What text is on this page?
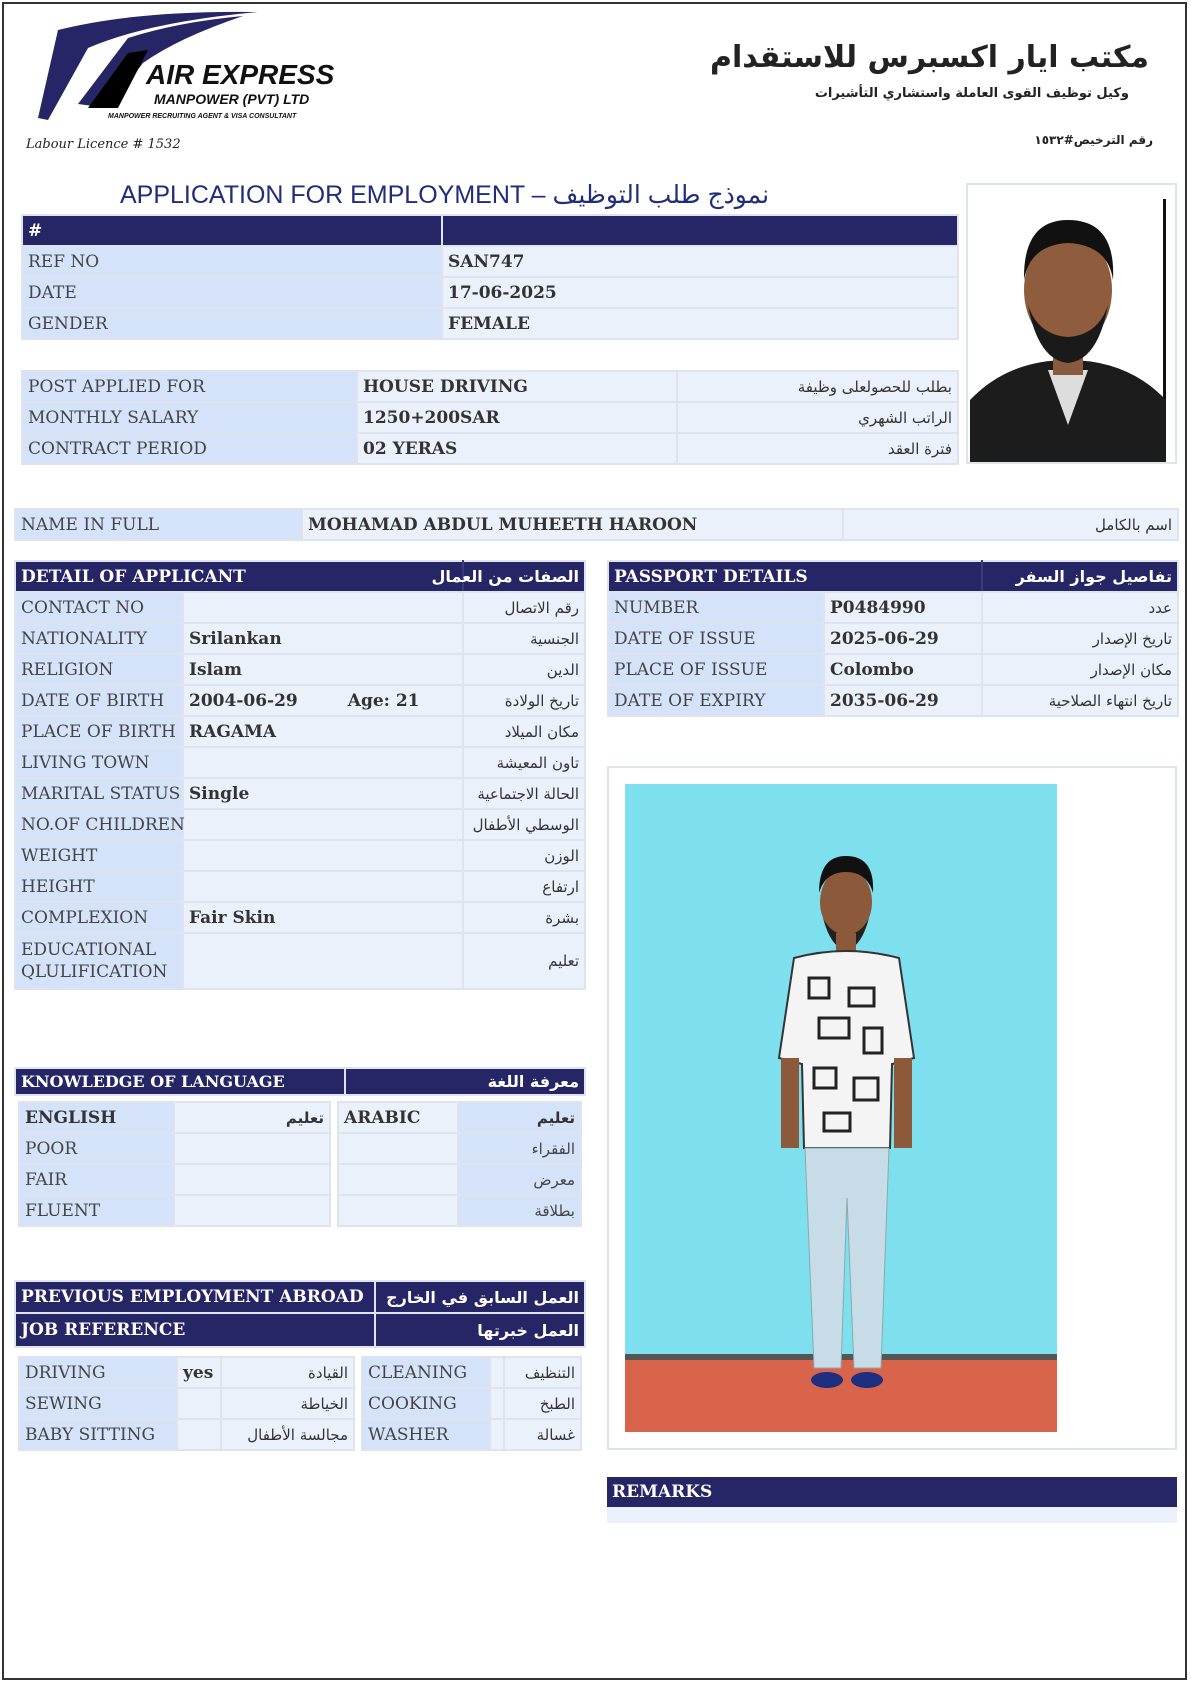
AIR EXPRESS
MANPOWER (PVT) LTD
MANPOWER RECRUITING AGENT & VISA CONSULTANT
Labour Licence # 1532
مكتب ايار اكسبرس للاستقدام
وكيل توظيف القوى العاملة واستشاري التأشيرات
رقم الترخيص#١٥٣٢
APPLICATION FOR EMPLOYMENT – نموذج طلب التوظيف
#	
REF NO	SAN747
DATE	17-06-2025
GENDER	FEMALE
POST APPLIED FOR	HOUSE DRIVING	بطلب للحصولعلى وظيفة
MONTHLY SALARY	1250+200SAR	الراتب الشهري
CONTRACT PERIOD	02 YERAS	فترة العقد
NAME IN FULL	MOHAMAD ABDUL MUHEETH HAROON	اسم بالكامل
DETAIL OF APPLICANT		الصفات من العمال
CONTACT NO		رقم الاتصال
NATIONALITY	Srilankan	الجنسية
RELIGION	Islam	الدين
DATE OF BIRTH	2004-06-29 Age: 21	تاريخ الولادة
PLACE OF BIRTH	RAGAMA	مكان الميلاد
LIVING TOWN		تاون المعيشة
MARITAL STATUS	Single	الحالة الاجتماعية
NO.OF CHILDREN		الوسطي الأطفال
WEIGHT		الوزن
HEIGHT		ارتفاع
COMPLEXION	Fair Skin	بشرة
EDUCATIONAL
QLULIFICATION		تعليم
PASSPORT DETAILS		تفاصيل جواز السفر
NUMBER	P0484990	عدد
DATE OF ISSUE	2025-06-29	تاريخ الإصدار
PLACE OF ISSUE	Colombo	مكان الإصدار
DATE OF EXPIRY	2035-06-29	تاريخ انتهاء الصلاحية
KNOWLEDGE OF LANGUAGE	معرفة اللغة
ENGLISH	تعليم
POOR	
FAIR	
FLUENT	
ARABIC	تعليم
	الفقراء
	معرض
	بطلاقة
PREVIOUS EMPLOYMENT ABROAD	العمل السابق في الخارج
JOB REFERENCE	العمل خبرتها
DRIVING	yes	القيادة
SEWING		الخياطة
BABY SITTING		مجالسة الأطفال
CLEANING		التنظيف
COOKING		الطبخ
WASHER		غسالة
REMARKS
